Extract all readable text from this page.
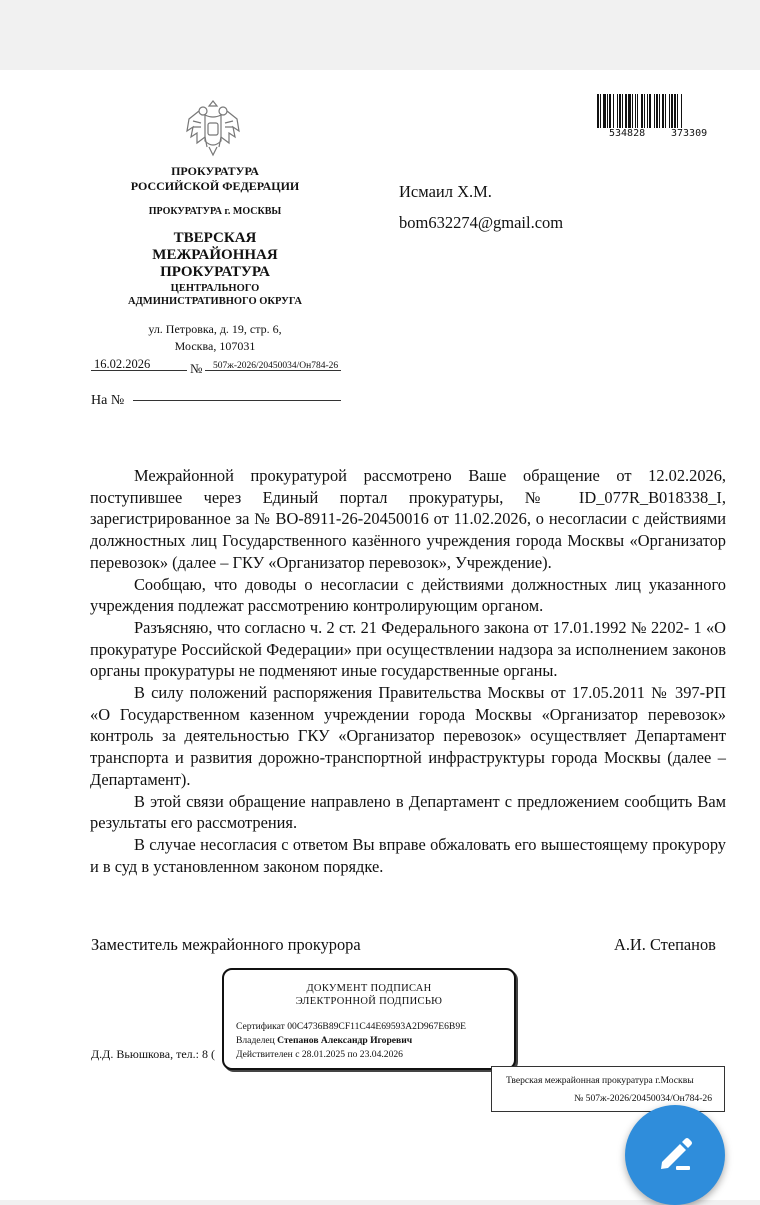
ПРОКУРАТУРА
РОССИЙСКОЙ ФЕДЕРАЦИИ
ПРОКУРАТУРА г. МОСКВЫ
ТВЕРСКАЯ
МЕЖРАЙОННАЯ
ПРОКУРАТУРА
ЦЕНТРАЛЬНОГО
АДМИНИСТРАТИВНОГО ОКРУГА
ул. Петровка, д. 19, стр. 6,
Москва, 107031
16.02.2026	№ 507ж-2026/20450034/Он784-26
На №
534828	373309
Исмаил Х.М.
bom632274@gmail.com

Межрайонной прокуратурой рассмотрено Ваше обращение от 12.02.2026, поступившее через Единый портал прокуратуры, № ID_077R_B018338_I, зарегистрированное за № ВО-8911-26-20450016 от 11.02.2026, о несогласии с действиями должностных лиц Государственного казённого учреждения города Москвы «Организатор перевозок» (далее – ГКУ «Организатор перевозок», Учреждение).

Сообщаю, что доводы о несогласии с действиями должностных лиц указанного учреждения подлежат рассмотрению контролирующим органом.

Разъясняю, что согласно ч. 2 ст. 21 Федерального закона от 17.01.1992 № 2202- 1 «О прокуратуре Российской Федерации» при осуществлении надзора за исполнением законов органы прокуратуры не подменяют иные государственные органы.

В силу положений распоряжения Правительства Москвы от 17.05.2011 № 397-РП «О Государственном казенном учреждении города Москвы «Организатор перевозок» контроль за деятельностью ГКУ «Организатор перевозок» осуществляет Департамент транспорта и развития дорожно-транспортной инфраструктуры города Москвы (далее – Департамент).

В этой связи обращение направлено в Департамент с предложением сообщить Вам результаты его рассмотрения.

В случае несогласия с ответом Вы вправе обжаловать его вышестоящему прокурору и в суд в установленном законом порядке.

Заместитель межрайонного прокурора	А.И. Степанов
Д.Д. Вьюшкова, тел.: 8 (
ДОКУМЕНТ ПОДПИСАН
ЭЛЕКТРОННОЙ ПОДПИСЬЮ
Сертификат 00C4736B89CF11C44E69593A2D967E6B9E
Владелец Степанов Александр Игоревич
Действителен с 28.01.2025 по 23.04.2026
Тверская межрайонная прокуратура г.Москвы
№ 507ж-2026/20450034/Он784-26
